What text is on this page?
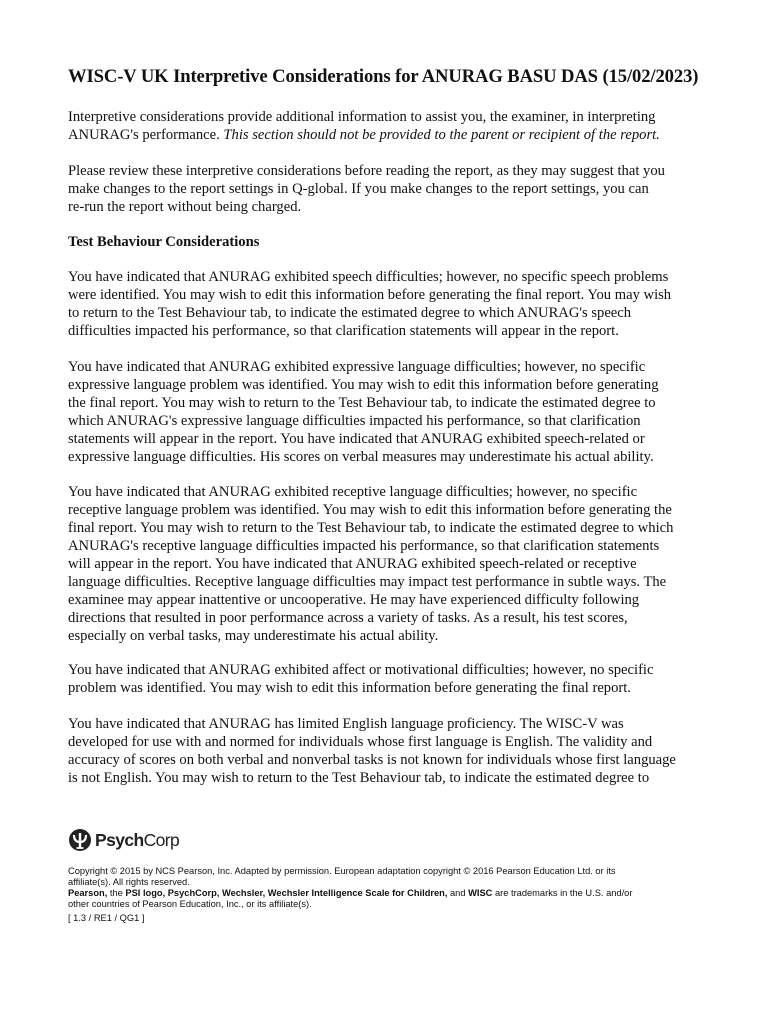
WISC-V UK Interpretive Considerations for ANURAG BASU DAS (15/02/2023)

Interpretive considerations provide additional information to assist you, the examiner, in interpreting
ANURAG's performance. This section should not be provided to the parent or recipient of the report.

Please review these interpretive considerations before reading the report, as they may suggest that you
make changes to the report settings in Q-global. If you make changes to the report settings, you can
re-run the report without being charged.

Test Behaviour Considerations

You have indicated that ANURAG exhibited speech difficulties; however, no specific speech problems
were identified. You may wish to edit this information before generating the final report. You may wish
to return to the Test Behaviour tab, to indicate the estimated degree to which ANURAG's speech
difficulties impacted his performance, so that clarification statements will appear in the report.

You have indicated that ANURAG exhibited expressive language difficulties; however, no specific
expressive language problem was identified. You may wish to edit this information before generating
the final report. You may wish to return to the Test Behaviour tab, to indicate the estimated degree to
which ANURAG's expressive language difficulties impacted his performance, so that clarification
statements will appear in the report. You have indicated that ANURAG exhibited speech-related or
expressive language difficulties. His scores on verbal measures may underestimate his actual ability.

You have indicated that ANURAG exhibited receptive language difficulties; however, no specific
receptive language problem was identified. You may wish to edit this information before generating the
final report. You may wish to return to the Test Behaviour tab, to indicate the estimated degree to which
ANURAG's receptive language difficulties impacted his performance, so that clarification statements
will appear in the report. You have indicated that ANURAG exhibited speech-related or receptive
language difficulties. Receptive language difficulties may impact test performance in subtle ways. The
examinee may appear inattentive or uncooperative. He may have experienced difficulty following
directions that resulted in poor performance across a variety of tasks. As a result, his test scores,
especially on verbal tasks, may underestimate his actual ability.

You have indicated that ANURAG exhibited affect or motivational difficulties; however, no specific
problem was identified. You may wish to edit this information before generating the final report.

You have indicated that ANURAG has limited English language proficiency. The WISC-V was
developed for use with and normed for individuals whose first language is English. The validity and
accuracy of scores on both verbal and nonverbal tasks is not known for individuals whose first language
is not English. You may wish to return to the Test Behaviour tab, to indicate the estimated degree to

PsychCorp
Copyright © 2015 by NCS Pearson, Inc. Adapted by permission. European adaptation copyright © 2016 Pearson Education Ltd. or its
affiliate(s). All rights reserved.
Pearson, the PSI logo, PsychCorp, Wechsler, Wechsler Intelligence Scale for Children, and WISC are trademarks in the U.S. and/or
other countries of Pearson Education, Inc., or its affiliate(s).
[ 1.3 / RE1 / QG1 ]
